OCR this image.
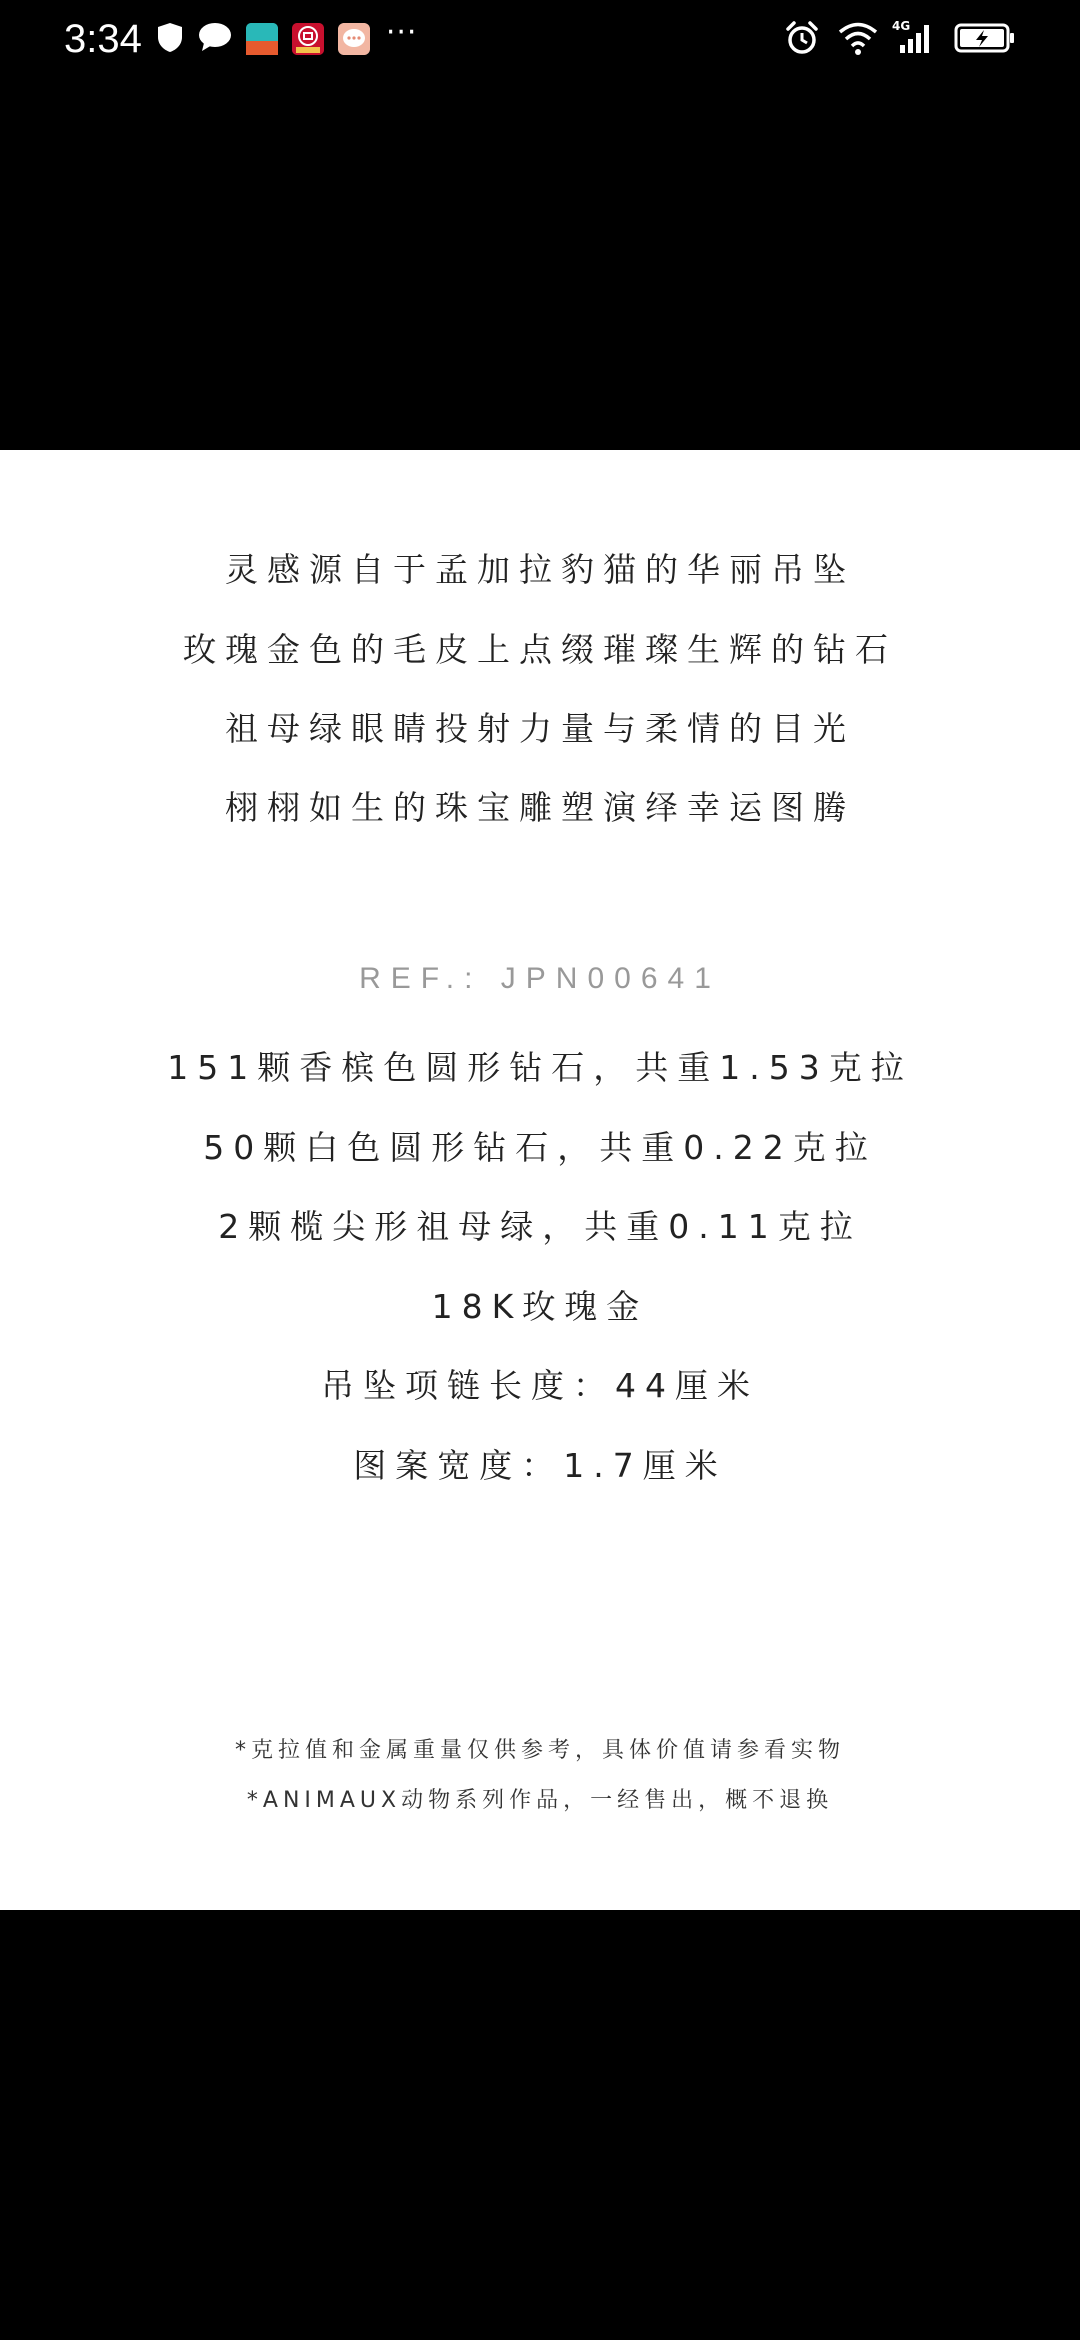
3:34	···	4G
灵感源自于孟加拉豹猫的华丽吊坠
玫瑰金色的毛皮上点缀璀璨生辉的钻石
祖母绿眼睛投射力量与柔情的目光
栩栩如生的珠宝雕塑演绎幸运图腾
REF.: JPN00641
151颗香槟色圆形钻石，共重1.53克拉
50颗白色圆形钻石，共重0.22克拉
2颗榄尖形祖母绿，共重0.11克拉
18K玫瑰金
吊坠项链长度：44厘米
图案宽度：1.7厘米
*克拉值和金属重量仅供参考，具体价值请参看实物
*ANIMAUX动物系列作品，一经售出，概不退换
